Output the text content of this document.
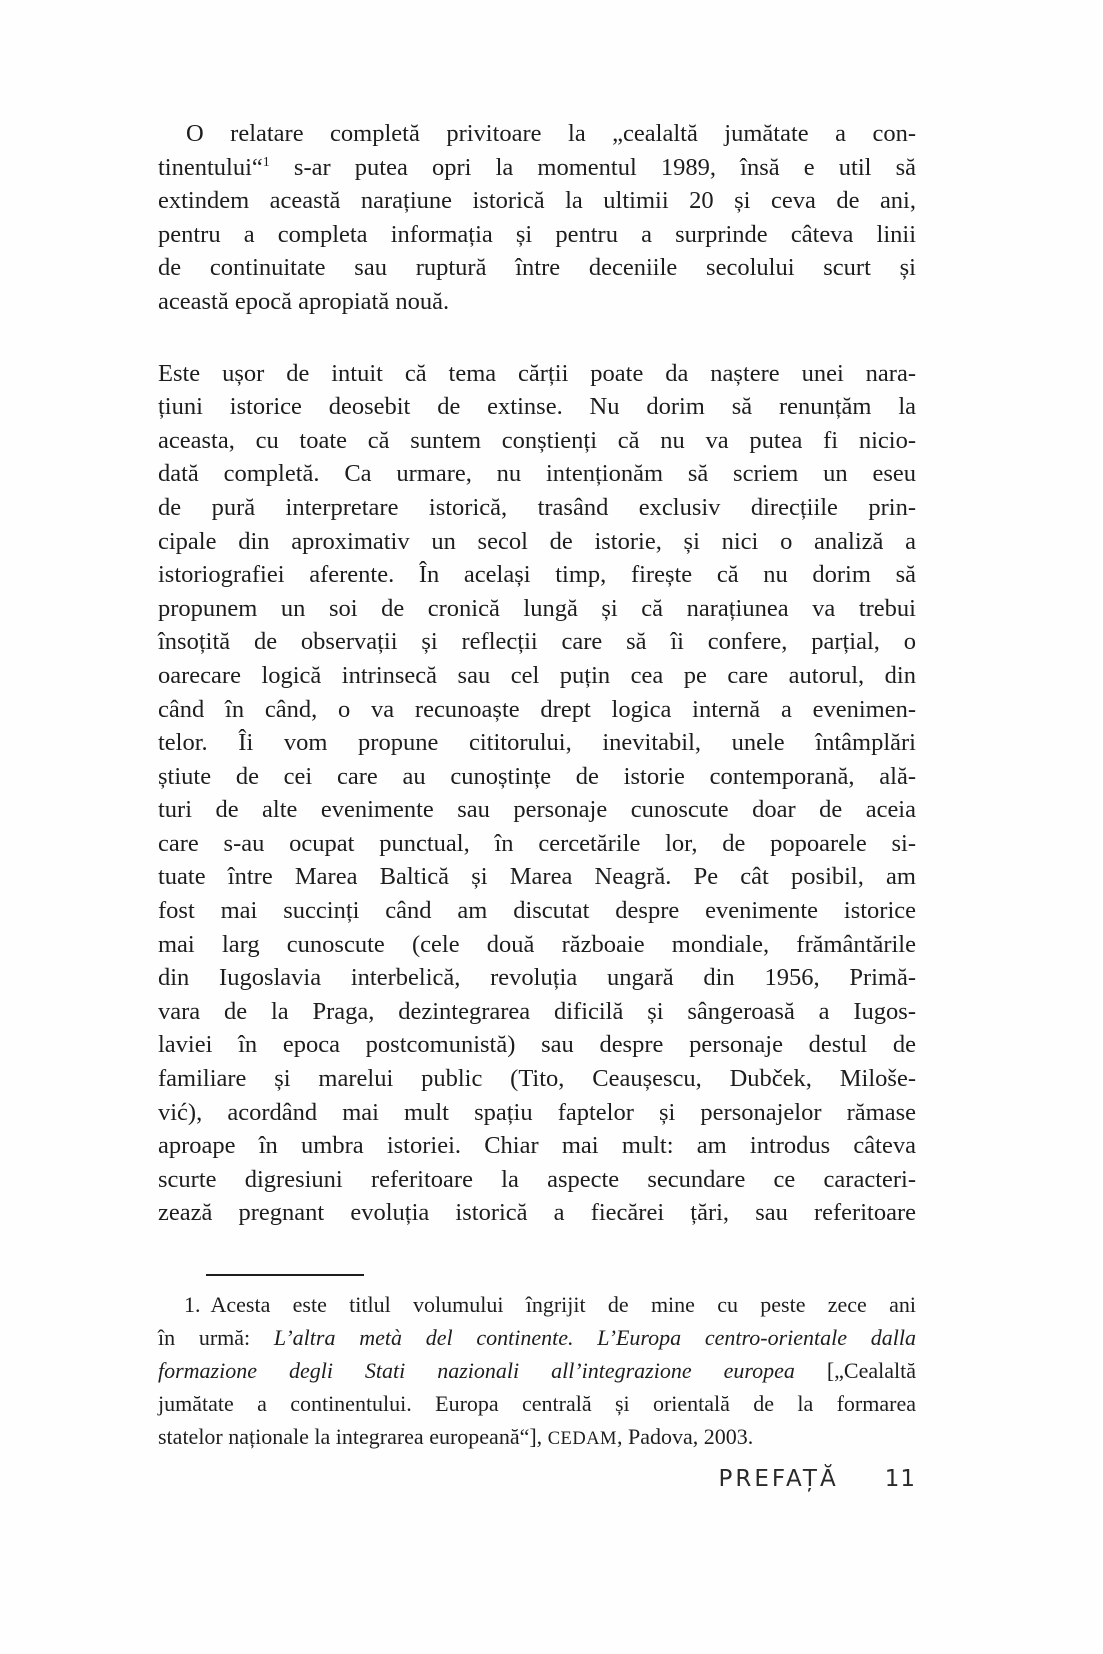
O relatare completă privitoare la „cealaltă jumătate a con-
tinentului“$^1$ s-ar putea opri la momentul 1989, însă e util să
extindem această narațiune istorică la ultimii 20 și ceva de ani,
pentru a completa informația și pentru a surprinde câteva linii
de continuitate sau ruptură între deceniile secolului scurt și
această epocă apropiată nouă.
Este ușor de intuit că tema cărții poate da naștere unei nara-
țiuni istorice deosebit de extinse. Nu dorim să renunțăm la
aceasta, cu toate că suntem conștienți că nu va putea fi nicio-
dată completă. Ca urmare, nu intenționăm să scriem un eseu
de pură interpretare istorică, trasând exclusiv direcțiile prin-
cipale din aproximativ un secol de istorie, și nici o analiză a
istoriografiei aferente. În același timp, firește că nu dorim să
propunem un soi de cronică lungă și că narațiunea va trebui
însoțită de observații și reflecții care să îi confere, parțial, o
oarecare logică intrinsecă sau cel puțin cea pe care autorul, din
când în când, o va recunoaște drept logica internă a evenimen-
telor. Îi vom propune cititorului, inevitabil, unele întâmplări
știute de cei care au cunoștințe de istorie contemporană, ală-
turi de alte evenimente sau personaje cunoscute doar de aceia
care s-au ocupat punctual, în cercetările lor, de popoarele si-
tuate între Marea Baltică și Marea Neagră. Pe cât posibil, am
fost mai succinți când am discutat despre evenimente istorice
mai larg cunoscute (cele două războaie mondiale, frământările
din Iugoslavia interbelică, revoluția ungară din 1956, Primă-
vara de la Praga, dezintegrarea dificilă și sângeroasă a Iugos-
laviei în epoca postcomunistă) sau despre personaje destul de
familiare și marelui public (Tito, Ceaușescu, Dubček, Miloše-
vić), acordând mai mult spațiu faptelor și personajelor rămase
aproape în umbra istoriei. Chiar mai mult: am introdus câteva
scurte digresiuni referitoare la aspecte secundare ce caracteri-
zează pregnant evoluția istorică a fiecărei țări, sau referitoare
1. Acesta este titlul volumului îngrijit de mine cu peste zece ani
în urmă: L’altra metà del continente. L’Europa centro-orientale dalla
formazione degli Stati nazionali all’integrazione europea [„Cealaltă
jumătate a continentului. Europa centrală și orientală de la formarea
statelor naționale la integrarea europeană“], CEDAM, Padova, 2003.
PREFAȚĂ 11
